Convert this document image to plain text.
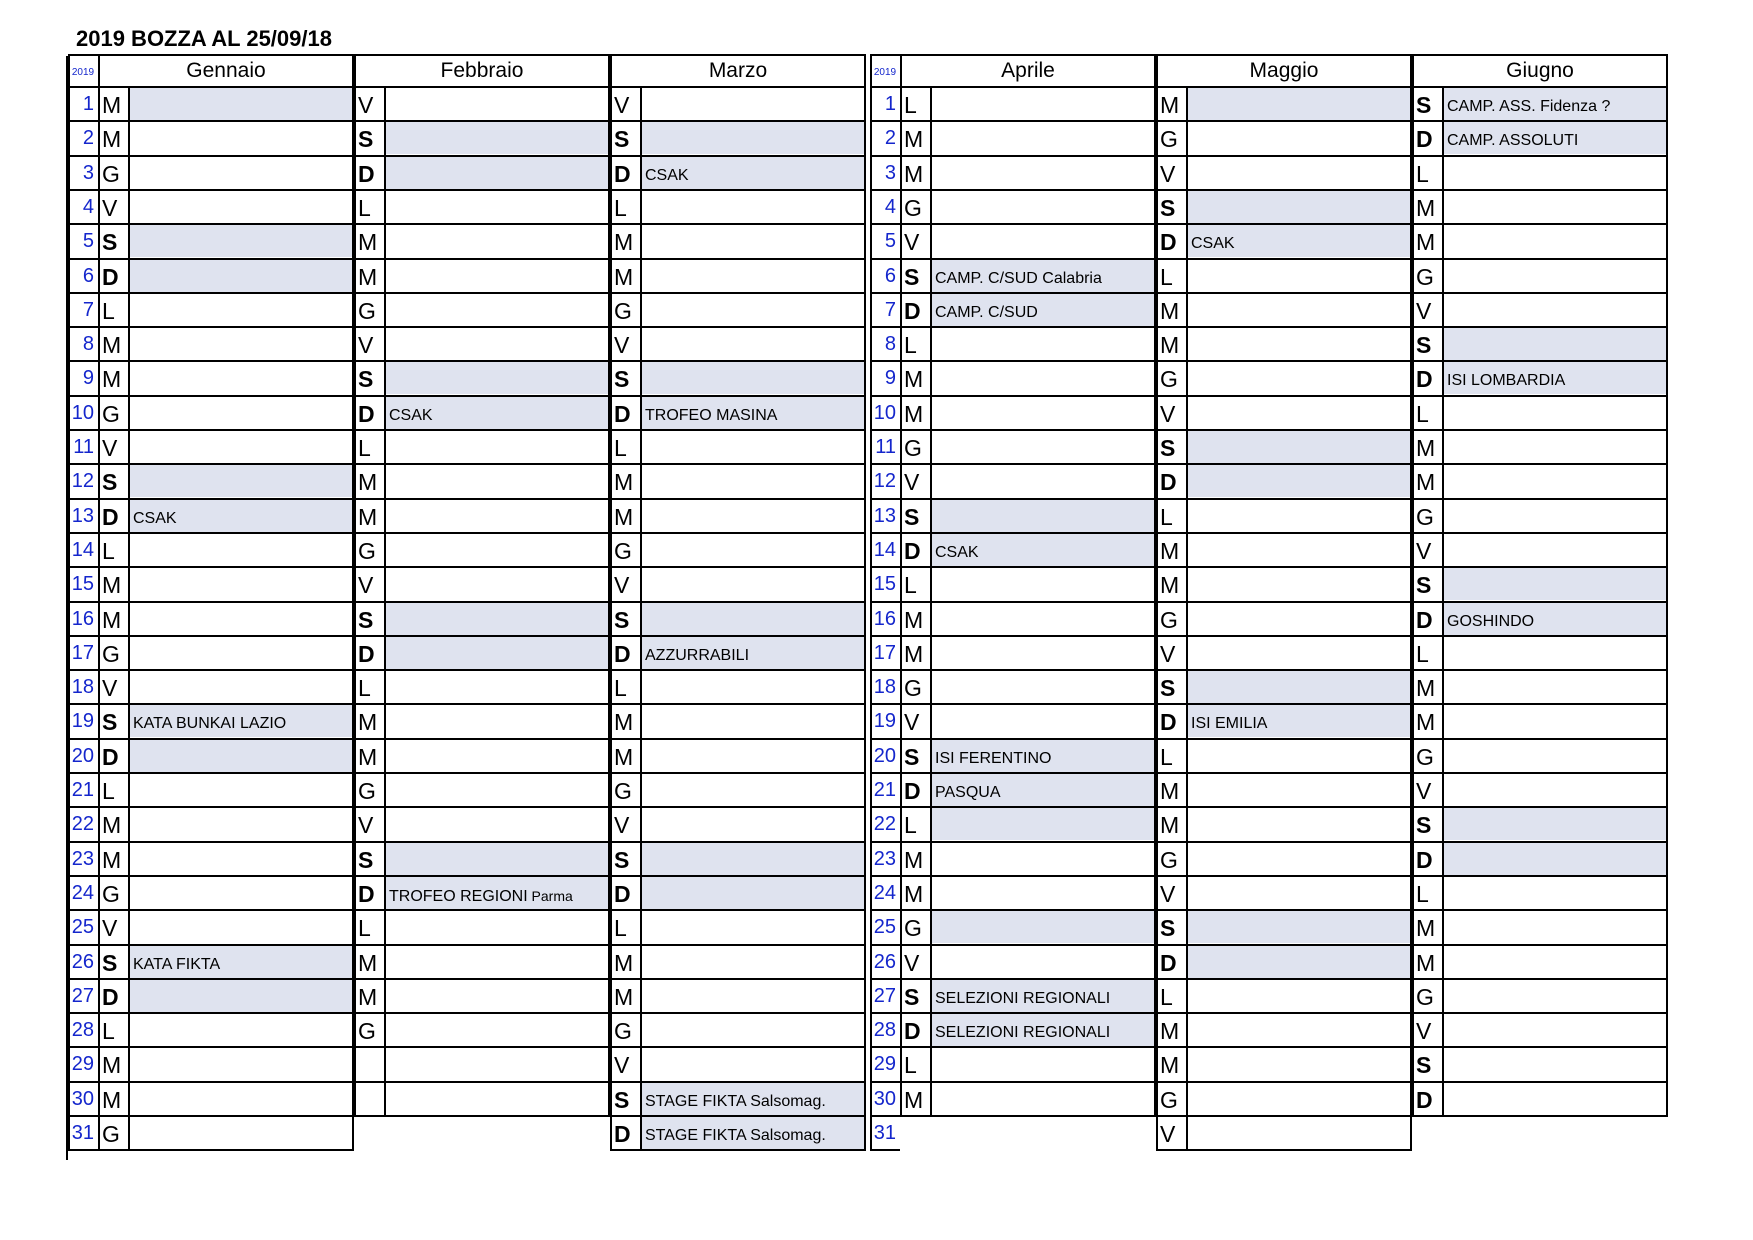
2019 BOZZA AL 25/09/18
2019
1
2
3
4
5
6
7
8
9
10
11
12
13
14
15
16
17
18
19
20
21
22
23
24
25
26
27
28
29
30
31
Gennaio
M
M
G
V
S
D
L
M
M
G
V
S
D CSAK
L
M
M
G
V
S KATA BUNKAI LAZIO
D
L
M
M
G
V
S KATA FIKTA
D
L
M
M
G
Febbraio
V
S
D
L
M
M
G
V
S
D CSAK
L
M
M
G
V
S
D
L
M
M
G
V
S
D TROFEO REGIONI Parma
L
M
M
G
Marzo
V
S
D CSAK
L
M
M
G
V
S
D TROFEO MASINA
L
M
M
G
V
S
D AZZURRABILI
L
M
M
G
V
S
D
L
M
M
G
V
S STAGE FIKTA Salsomag.
D STAGE FIKTA Salsomag.
2019
1
2
3
4
5
6
7
8
9
10
11
12
13
14
15
16
17
18
19
20
21
22
23
24
25
26
27
28
29
30
31
Aprile
L
M
M
G
V
S CAMP. C/SUD Calabria
D CAMP. C/SUD
L
M
M
G
V
S
D CSAK
L
M
M
G
V
S ISI FERENTINO
D PASQUA
L
M
M
G
V
S SELEZIONI REGIONALI
D SELEZIONI REGIONALI
L
M
Maggio
M
G
V
S
D CSAK
L
M
M
G
V
S
D
L
M
M
G
V
S
D ISI EMILIA
L
M
M
G
V
S
D
L
M
M
G
V
Giugno
S CAMP. ASS. Fidenza ?
D CAMP. ASSOLUTI
L
M
M
G
V
S
D ISI LOMBARDIA
L
M
M
G
V
S
D GOSHINDO
L
M
M
G
V
S
D
L
M
M
G
V
S
D
